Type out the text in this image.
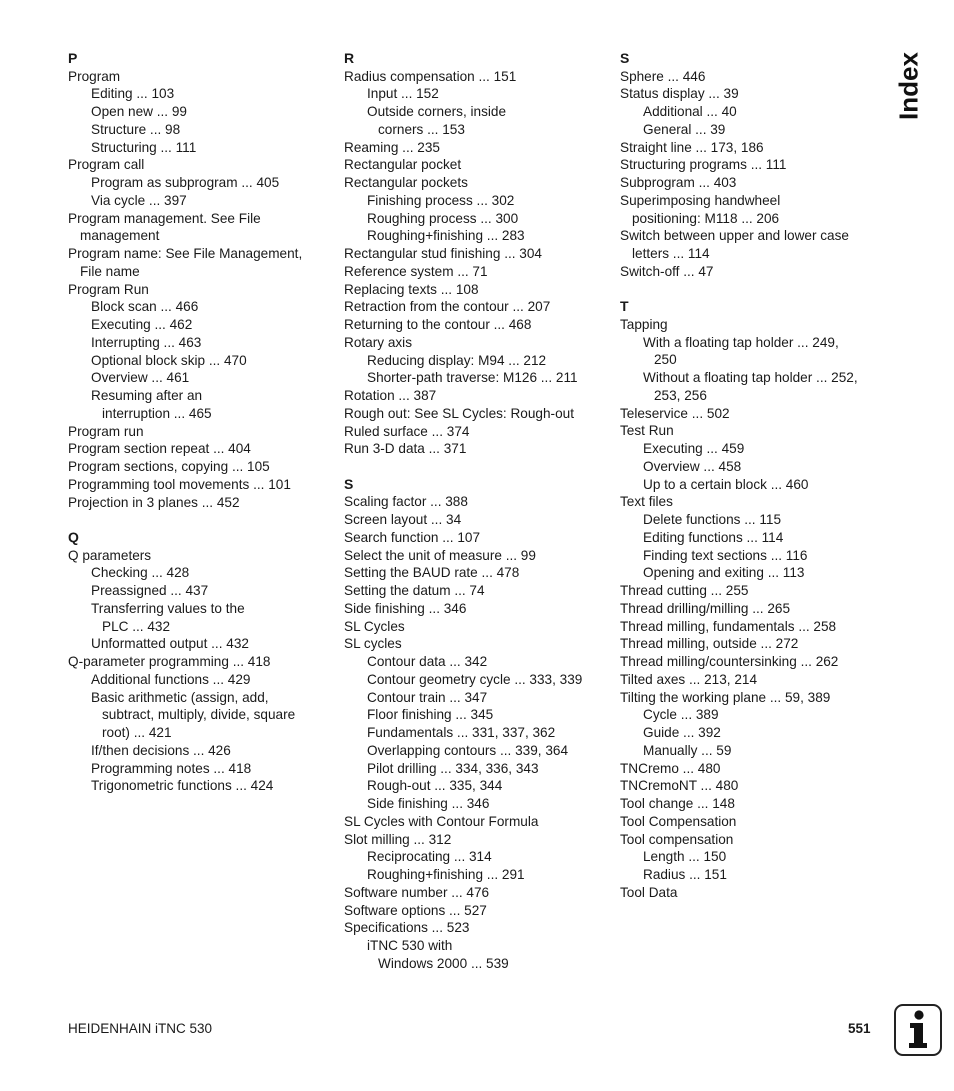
P
Program
Editing ... 103
Open new ... 99
Structure ... 98
Structuring ... 111
Program call
Program as subprogram ... 405
Via cycle ... 397
Program management. See File
management
Program name: See File Management,
File name
Program Run
Block scan ... 466
Executing ... 462
Interrupting ... 463
Optional block skip ... 470
Overview ... 461
Resuming after an
interruption ... 465
Program run
Program section repeat ... 404
Program sections, copying ... 105
Programming tool movements ... 101
Projection in 3 planes ... 452
Q
Q parameters
Checking ... 428
Preassigned ... 437
Transferring values to the
PLC ... 432
Unformatted output ... 432
Q-parameter programming ... 418
Additional functions ... 429
Basic arithmetic (assign, add,
subtract, multiply, divide, square
root) ... 421
If/then decisions ... 426
Programming notes ... 418
Trigonometric functions ... 424
R
Radius compensation ... 151
Input ... 152
Outside corners, inside
corners ... 153
Reaming ... 235
Rectangular pocket
Rectangular pockets
Finishing process ... 302
Roughing process ... 300
Roughing+finishing ... 283
Rectangular stud finishing ... 304
Reference system ... 71
Replacing texts ... 108
Retraction from the contour ... 207
Returning to the contour ... 468
Rotary axis
Reducing display: M94 ... 212
Shorter-path traverse: M126 ... 211
Rotation ... 387
Rough out: See SL Cycles: Rough-out
Ruled surface ... 374
Run 3-D data ... 371
S
Scaling factor ... 388
Screen layout ... 34
Search function ... 107
Select the unit of measure ... 99
Setting the BAUD rate ... 478
Setting the datum ... 74
Side finishing ... 346
SL Cycles
SL cycles
Contour data ... 342
Contour geometry cycle ... 333, 339
Contour train ... 347
Floor finishing ... 345
Fundamentals ... 331, 337, 362
Overlapping contours ... 339, 364
Pilot drilling ... 334, 336, 343
Rough-out ... 335, 344
Side finishing ... 346
SL Cycles with Contour Formula
Slot milling ... 312
Reciprocating ... 314
Roughing+finishing ... 291
Software number ... 476
Software options ... 527
Specifications ... 523
iTNC 530 with
Windows 2000 ... 539
S
Sphere ... 446
Status display ... 39
Additional ... 40
General ... 39
Straight line ... 173, 186
Structuring programs ... 111
Subprogram ... 403
Superimposing handwheel
positioning: M118 ... 206
Switch between upper and lower case
letters ... 114
Switch-off ... 47
T
Tapping
With a floating tap holder ... 249,
250
Without a floating tap holder ... 252,
253, 256
Teleservice ... 502
Test Run
Executing ... 459
Overview ... 458
Up to a certain block ... 460
Text files
Delete functions ... 115
Editing functions ... 114
Finding text sections ... 116
Opening and exiting ... 113
Thread cutting ... 255
Thread drilling/milling ... 265
Thread milling, fundamentals ... 258
Thread milling, outside ... 272
Thread milling/countersinking ... 262
Tilted axes ... 213, 214
Tilting the working plane ... 59, 389
Cycle ... 389
Guide ... 392
Manually ... 59
TNCremo ... 480
TNCremoNT ... 480
Tool change ... 148
Tool Compensation
Tool compensation
Length ... 150
Radius ... 151
Tool Data
Index
HEIDENHAIN iTNC 530	551
